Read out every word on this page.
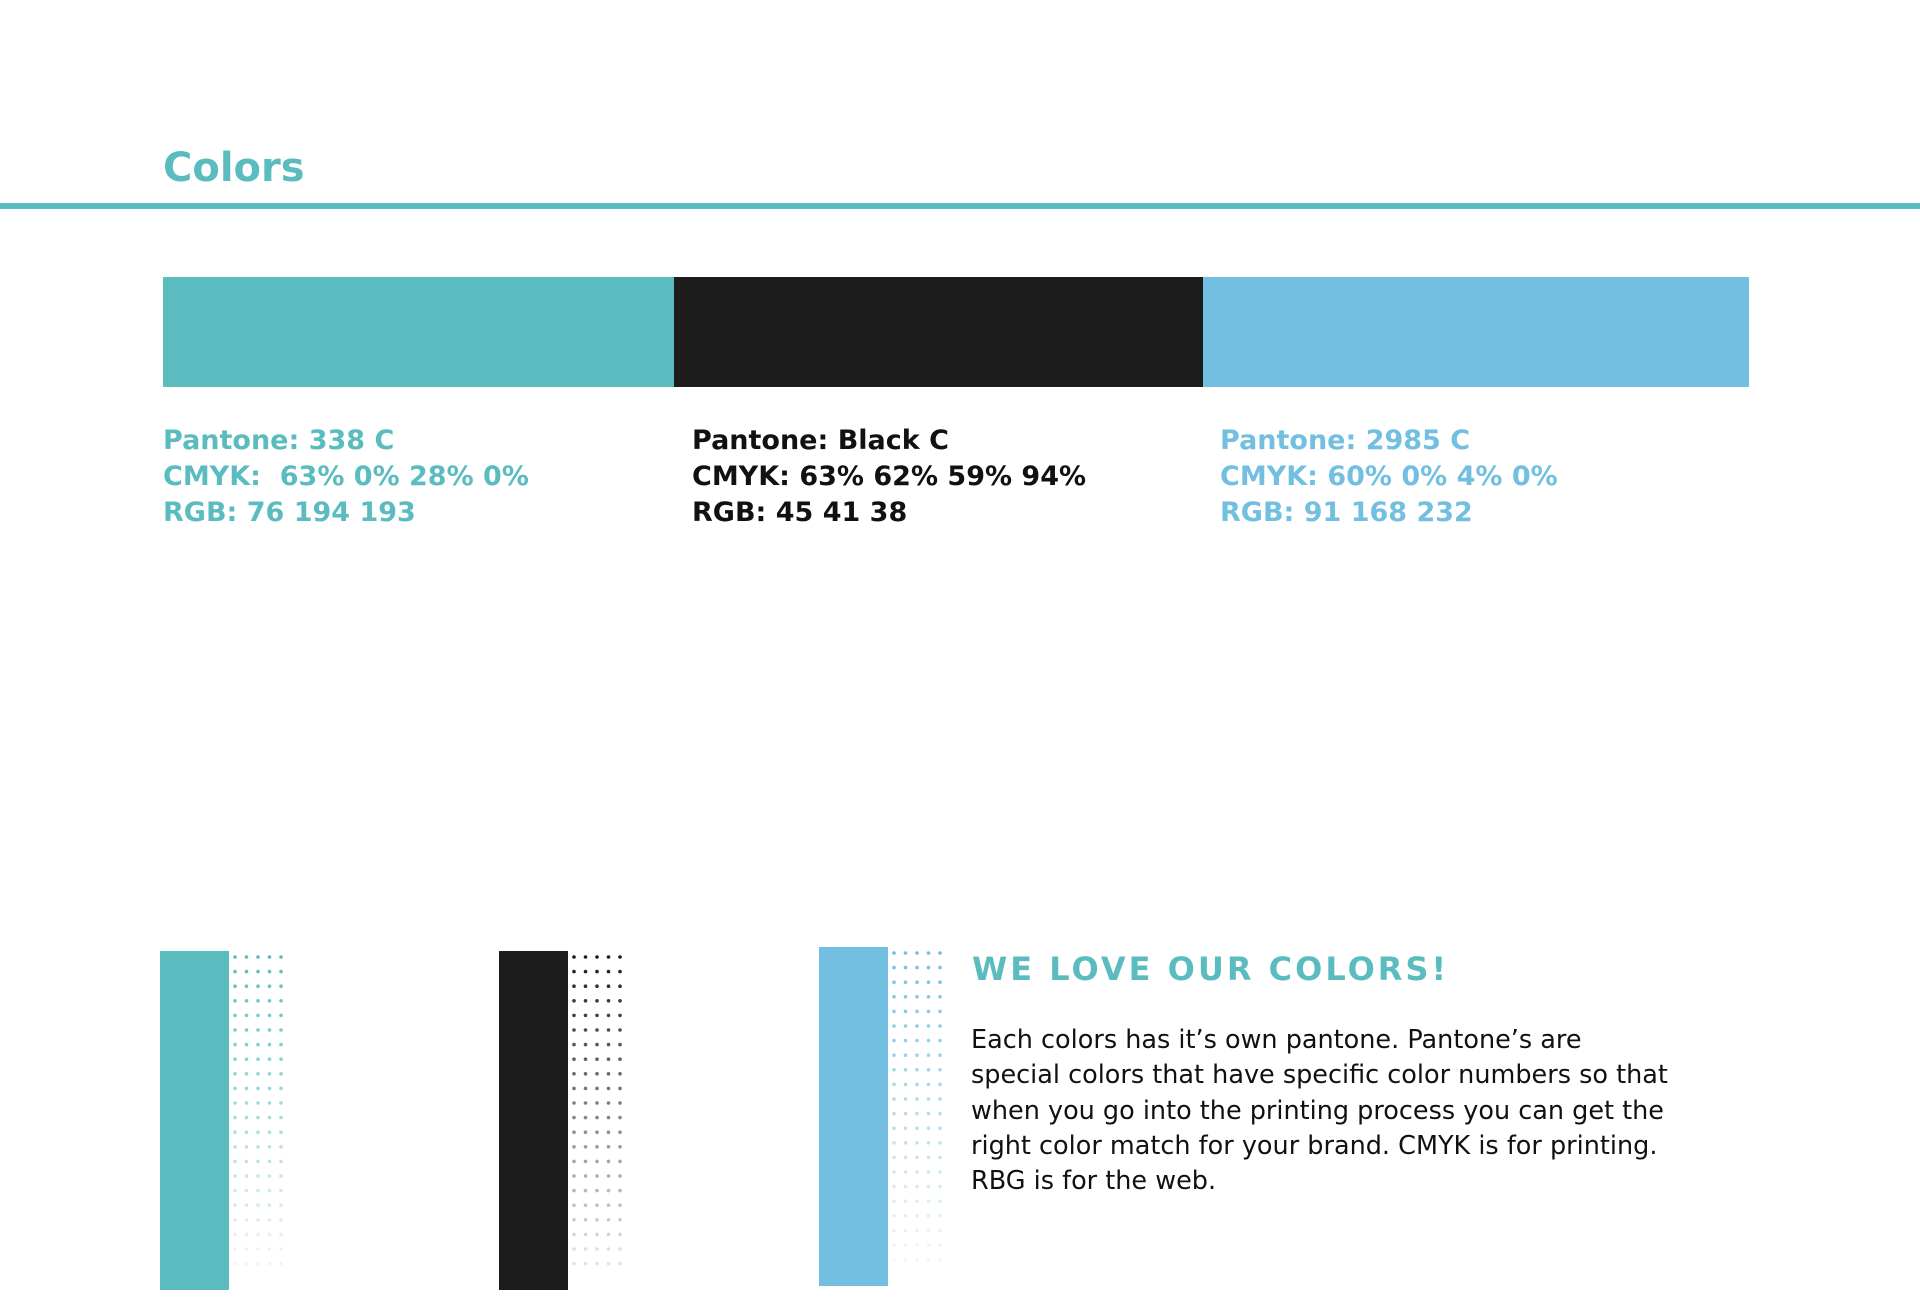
Colors
Pantone: 338 C
CMYK:  63% 0% 28% 0%
RGB: 76 194 193
Pantone: Black C
CMYK: 63% 62% 59% 94%
RGB: 45 41 38
Pantone: 2985 C
CMYK: 60% 0% 4% 0%
RGB: 91 168 232
WE LOVE OUR COLORS!

Each colors has it’s own pantone. Pantone’s are
special colors that have specific color numbers so that
when you go into the printing process you can get the
right color match for your brand. CMYK is for printing.
RBG is for the web.
